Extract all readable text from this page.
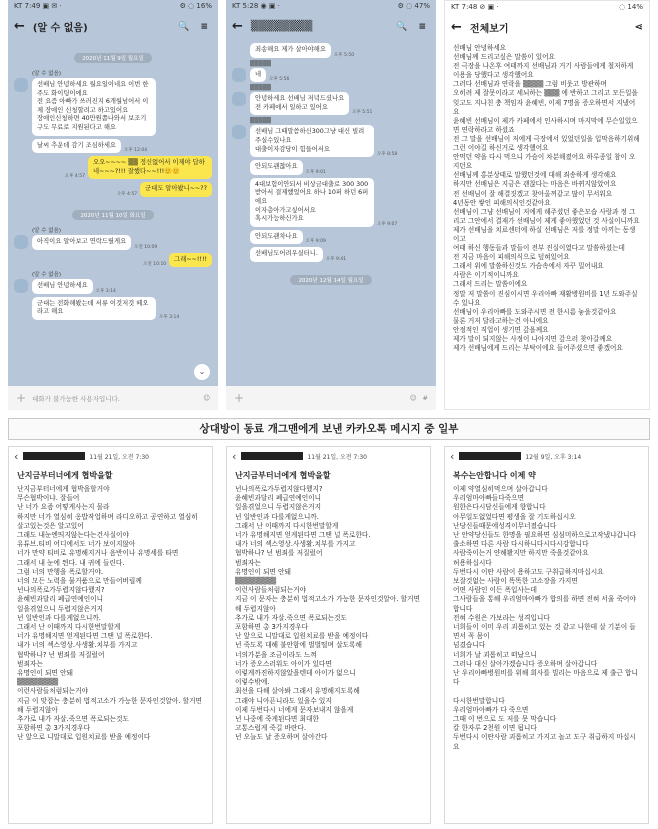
KT 7:49 ▣ ✉ ·	⚙ ◌ 16%
← (알 수 없음)	🔍 ≡
2020년 11월 9일 월요일
(알 수 없음)
선배님 안녕하세요 월요일이네요 이번 한주도 화이팅이에요
전 요즘 아빠가 쓰러진지 6개월넘어서 이제 장애인 신청할려고 하고있어요
장애인신청하면 40만원쯤나와서 보조기구도 무료로 지원된다고 해요
날씨 추운데 감기 조심하세요
오후 12:04
오후 4:57
오오~~~~ ▒▒ 정신없어서 이제야 답하네~~~?!!! 잘했다~~!!!🙂🙂
오후 4:57
군대도 알아봤니~~??
2020년 11월 10일 화요일
(알 수 없음)
아직이요 알아보고 연락드릴게요
오전 10:09
오전 10:10
그래~~!!!!
(알 수 없음)
선배님 안녕하세요
오후 3:14
군대는 전화해봤는데 서류 이것저것 떼오라고 해요
오후 3:14
⌄
+ 대화가 불가능한 사용자입니다.	☺
KT 5:28 ◉ ▣ ·	⚙ ◌ 47%
← ▒▒▒▒▒▒▒▒	🔍 ≡
죄송해요 제가 살아야해요
오후 5:50
▒▒▒▒▒
네
오후 5:56
▒▒▒▒▒
안녕하세요 선배님 저녁드셨나요
전 카페에서 일하고 있어요
오후 5:51
▒▒▒▒▒
선배님 그때말씀하신300그냥 대신 빌려주실수있나요
대출이자감당이 힘들어서요
오후 8:58
안되도괜찮아요
오후 9:01
4대보험이안되서 비상금대출로 300 300받아서 결제했었어요 하나 10퍼 하던 6퍼에요
이자층아가고싶어서요
혹시가능하신가요
오후 9:07
안되도괜차나요
오후 9:09
선배님도어려우실터니.
오후 9:41
2020년 12월 14일 월요일
+	☺ #
KT 7:48 ⊘ ▣ ·	◌ 14%
← 전체보기	⋖
선배님 안녕하세요
선배님께 드리고싶은 말씀이 있어요
전 극장을 나온후 여태까지 선배님과 거기 사람들에게 철저하게 이용을 당했다고 생각했어요
그러다 선배님과 연락을 ▒▒▒▒ 그럼 비웃고 방관하며
오히려 제 잘못이라고 세뇌하는 ▒▒▒ 에 반하고 그리고 모든일을 잊고도 지나친 충 책임자 윤혜빈, 이제 7명을 증오하면서 지냈어요
윤혜빈 선배님이 제가 카페에서 인사하시며 마지막에 무슨일있으면 연락하라고 하셨죠
전 그 말을 선배님이 저에게 극장에서 있었던일을 입막음하기위해
그런 이야길 하신거로 생각했어요
안먹던 약을 다시 먹으니 가슴이 차분해졌어요 하루종일 참이 오지던요
선배님께 홍분상태로 말했던것에 대해 죄송하게 생각해요
하지만 선배님은 지금은 괜찮다는 마음은 바뀌지않았어요
전 선배님이 잘 해결짓겠고 찾아올꺼같고 많이 무서워요
4년동안 쌓인 피해의식인것같아요
선배님이 그냥 선배님이 저에게 해주셨던 좋은모습 사랑과 정 그리고 그안에서 결재가 선배님이 제게 좋아했었던 것 사실이니까요
제가 선배님을 치료센터에 하실 선배님은 저를 정말 아끼는 동생이고
여태 하신 행동들과 말들이 전부 진실이였다고 말씀하셨는데
전 지금 마음이 피해의식으로 덮혀있어요
그래서 위에 말씀하신것도 가슴속에서 자꾸 밀어내요
사람은 이기적이니까요
그래서 드리는 말씀이에요
정말 저 말씀이 진심이시면 우리아빠 재활병원비를 1년 도와주실수 있나요
선배님이 우리아빠를 도와주시면 전 한시름 놓을것같아요
물론 거저 달라고하는건 아니에요
안정적인 직업이 생기면 갚을께요
제가 말이 되지않는 사정이 나아지면 갚으러 찾아갈께요
제가 선배님에게 드리는 부탁이에요 들어주셨으면 좋겠어요
상대방이 동료 개그맨에게 보낸 카카오톡 메시지 중 일부
‹	11월 21일, 오전 7:30
난지금부터너에게 협박을할
난지금부터너에게 협박을할거야
무슨협박이냐. 잘들어
난 너가 요즘 어떻게사는지 몰라
하지만 너가 열심히 옹밥작업하며 라디오하고 공연하고 열심히 살고있는것은 알고있어
그래도 내눈엔띄지않는다는건사실이야
유튜브.티비 어디에서도 너가 보이지않아
너가 만약 티비로 유명해지거나 음반이나 유명세를 타면
그래서 내 눈에 띈다. 내 귀에 들린다.
그럼 너의 만행을 폭로할거야.
너의 모든 노력을 물거품으로 만들어버릴께
넌나의폭로가두렵지않다했지?
윤혜빈과달리 폐급연예인이니
일을겪었으니 두렵지않은거지
넌 일반인과 다를게없으니까.
그래서 난 이때까지 다시한번말할게
너가 유명해지면 얻게된다면 그땐 널 폭로한다.
내가 너의 섹스영상.사생활.치부를 가지고
협박하나? 넌 범죄를 저질렀어
범죄자는
유명인이 되면 안돼
▒▒▒▒▒▒▒▒
이런사람들처럼되는거야
지금 이 맞잡는 충분히 법적고소가 가능한 문자인것알아. 할거면해 두렵지않아
추가로 내가 자살.죽으면 폭로되는것도
포함하면 총 3가지경우다
난 앞으로 니말대로 입원치료를 받을 예정이다
‹	11월 21일, 오전 7:30
난지금부터너에게 협박을할
넌나의폭로가두렵지않다했지?
윤혜빈과달리 폐급연예인이니
일을겪었으니 두렵지않은거지
넌 일반인과 다를게없으니까.
그래서 난 이때까지 다시한번말할게
너가 유명해지면 얻게된다면 그땐 널 폭로한다.
내가 너의 섹스영상.사생활.치부를 가지고
협박하나? 넌 범죄를 저질렀어
범죄자는
유명인이 되면 안돼
▒▒▒▒▒▒▒▒
이런사람들처럼되는거야
지금 이 문자는 충분히 법적고소가 가능한 문자인것알아. 할거면해 두렵지않아
추가로 내가 자살.죽으면 폭로되는것도
포함하면 총 3가지경우다
난 앞으로 니말대로 입원치료를 받을 예정이다
넌 죽도록 대해 불안함에 벌벌떨며 살도록해
너의가분을 조금이라도 느껴
너가 증오스러워도 아이가 있다면
이렇게까진하지않았을텐데 아이가 없으니
이렇수밖에.
최선을 다해 살아봐 그래서 유명해지도록해
그래야 니아픈니라도 있을수 있지
이제 두번다시 너에게 문자보내지 않을게
넌 나중에 죽게된다면 최대한
고통스럽게 죽길 바란다.
넌 오늘도 날 증오하며 살아간다
‹	12월 9일, 오후 3:14
복수는안합니다 이제 약
이제 약열심히먹으며 살아갑니다
우리엄마아빠들다죽으면
원한은다시담신들에게 향합니다
아무일도없었다면 평생을 잘 기도하십시오
난당신들때문에성격이무너졌습니다
난 안약당신들도 한명을 필요하면 심심미하으로고작냈냐갑니다
출소하면 다른 사람 다시하니다시다시강합니다
사람죽이는거 얀해봤지만 하지만 죽을것같아요
허용하십시다
두번다시 이딴 사람이 용하고도 구취급하지마십시요
보잘것없는 사람이 똑똑한 고소장을 가지면
어떤 사람인 이든 폭입사는데
그사람들을 통해 우리엄마아빠가 합의를 하면 전혀 서울 죽어야 합니다
전혀 수원은 가보라는 성격입니다
너희들이 이미 우리 괴롭히고 있는 것 같고 나한테 살 기분이 들면서 꼭 몸이
넘겼습니다
너희가 날 괴롭히고 떠났으니
그러나 대신 살아가겠습니다 증오하며 살아갑니다
난 우리아빠병원비를 위해 회사를 빌리는 마음으로 제 출근 합니다

다시한번말합니다
우리엄마아빠가 다 죽으면
그때 이 번으로 도 저를 못 막습니다
칼 한자루 2천원 이면 됩니다
두번다시 이딴사람 괴롭히고 가지고 놀고 도구 취급하지 마십시요
